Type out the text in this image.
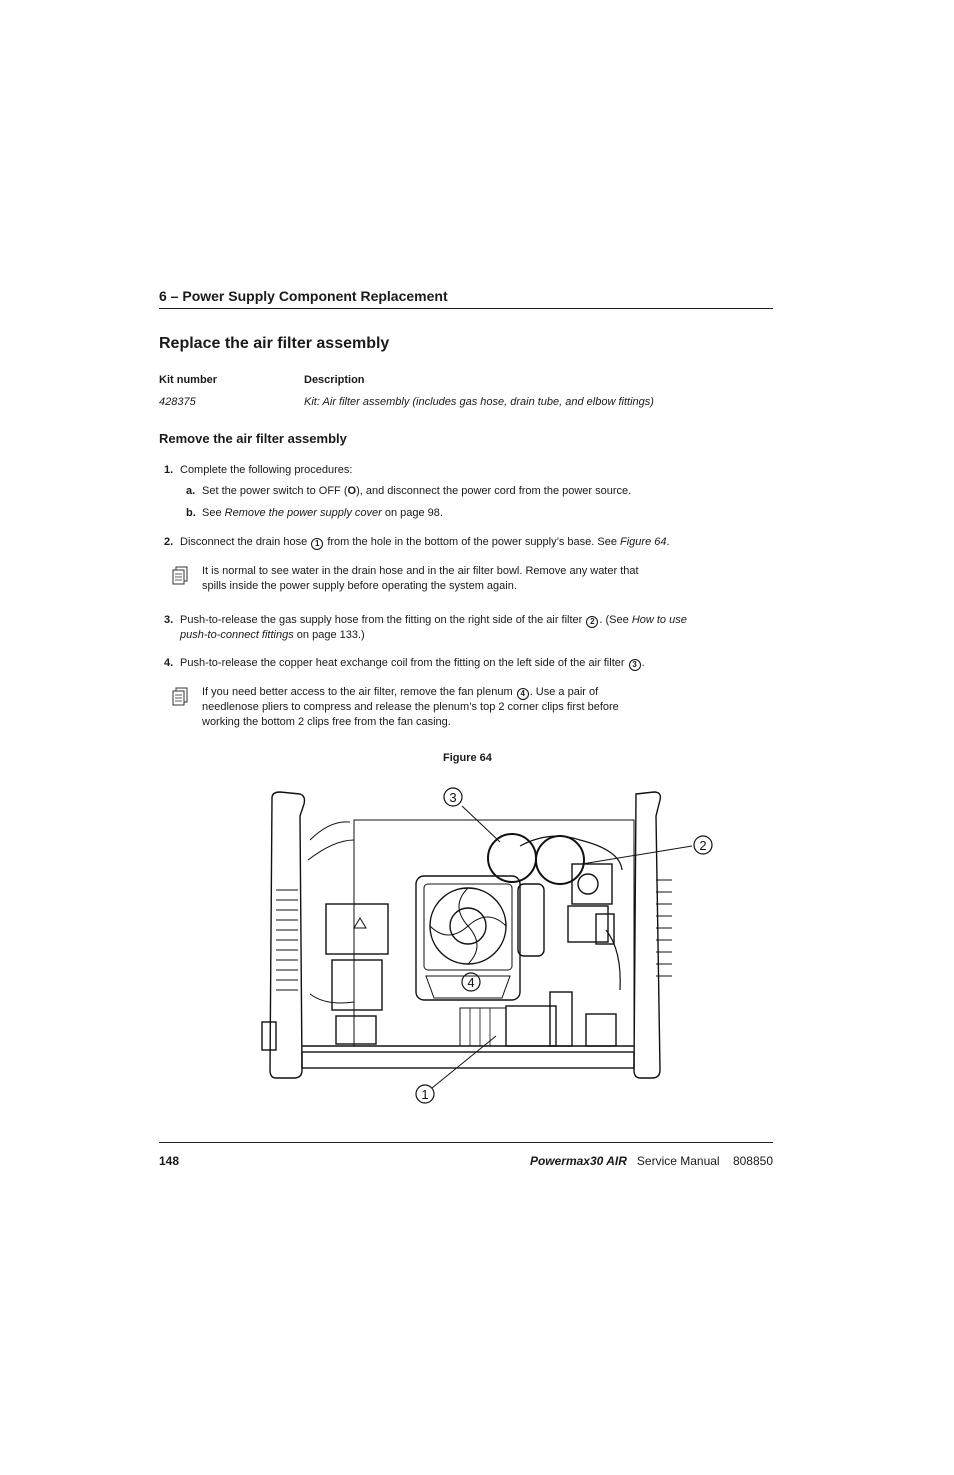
6 – Power Supply Component Replacement
Replace the air filter assembly
Kit number	Description
428375	Kit: Air filter assembly (includes gas hose, drain tube, and elbow fittings)
Remove the air filter assembly
1. Complete the following procedures:
a. Set the power switch to OFF (O), and disconnect the power cord from the power source.
b. See Remove the power supply cover on page 98.
2. Disconnect the drain hose 1 from the hole in the bottom of the power supply’s base. See Figure 64.
It is normal to see water in the drain hose and in the air filter bowl. Remove any water that
spills inside the power supply before operating the system again.
3. Push-to-release the gas supply hose from the fitting on the right side of the air filter 2 . (See How to use
push-to-connect fittings on page 133.)
4. Push-to-release the copper heat exchange coil from the fitting on the left side of the air filter 3 .
If you need better access to the air filter, remove the fan plenum 4 . Use a pair of
needlenose pliers to compress and release the plenum’s top 2 corner clips first before
working the bottom 2 clips free from the fan casing.
Figure 64
3
2
4
1
148	Powermax30 AIR Service Manual 808850
